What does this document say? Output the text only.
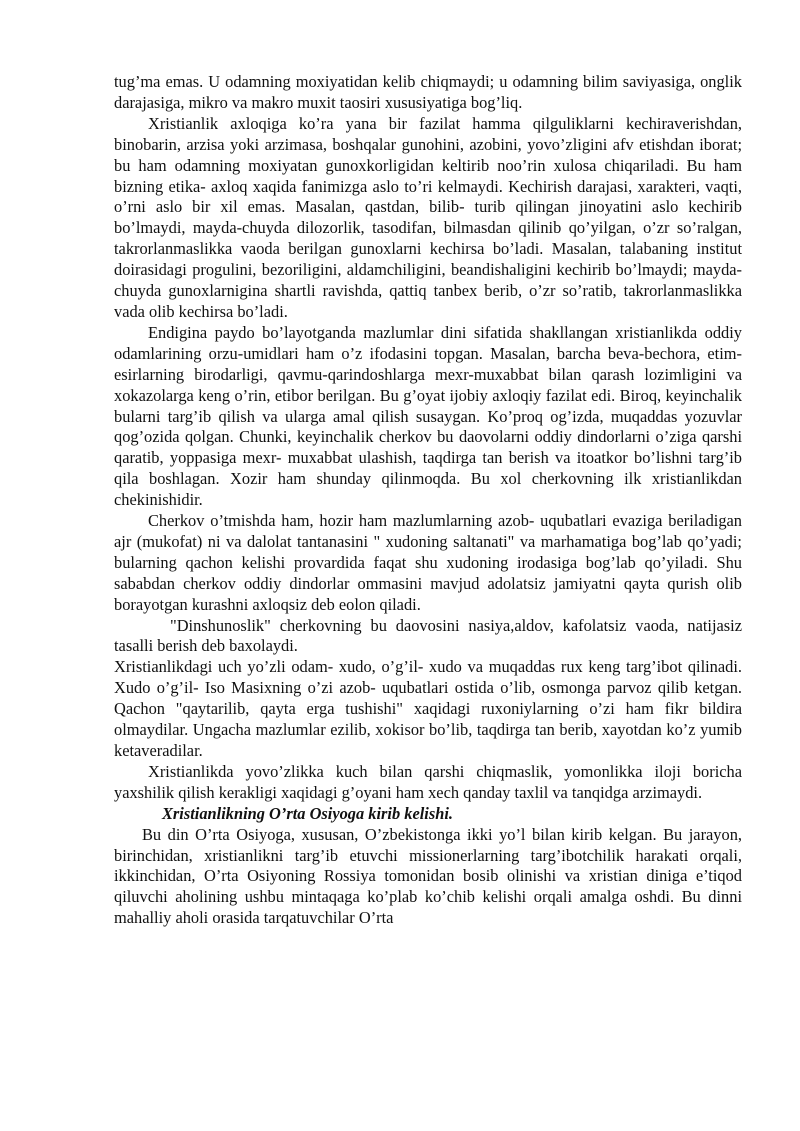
tug’ma emas. U odamning moxiyatidan kelib chiqmaydi; u odamning bilim saviyasiga, onglik darajasiga, mikro va makro muxit taosiri xususiyatiga bog’liq.

Xristianlik axloqiga ko’ra yana bir fazilat hamma qilguliklarni kechiraverishdan, binobarin, arzisa yoki arzimasa, boshqalar gunohini, azobini, yovo’zligini afv etishdan iborat; bu ham odamning moxiyatan gunoxkorligidan keltirib noo’rin xulosa chiqariladi. Bu ham bizning etika- axloq xaqida fanimizga aslo to’ri kelmaydi. Kechirish darajasi, xarakteri, vaqti, o’rni aslo bir xil emas. Masalan, qastdan, bilib- turib qilingan jinoyatini aslo kechirib bo’lmaydi, mayda-chuyda dilozorlik, tasodifan, bilmasdan qilinib qo’yilgan, o’zr so’ralgan, takrorlanmaslikka vaoda berilgan gunoxlarni kechirsa bo’ladi. Masalan, talabaning institut doirasidagi progulini, bezoriligini, aldamchiligini, beandishaligini kechirib bo’lmaydi; mayda-chuyda gunoxlarnigina shartli ravishda, qattiq tanbex berib, o’zr so’ratib, takrorlanmaslikka vada olib kechirsa bo’ladi.

Endigina paydo bo’layotganda mazlumlar dini sifatida shakllangan xristianlikda oddiy odamlarining orzu-umidlari ham o’z ifodasini topgan. Masalan, barcha beva-bechora, etim-esirlarning birodarligi, qavmu-qarindoshlarga mexr-muxabbat bilan qarash lozimligini va xokazolarga keng o’rin, etibor berilgan. Bu g’oyat ijobiy axloqiy fazilat edi. Biroq, keyinchalik bularni targ’ib qilish va ularga amal qilish susaygan. Ko’proq og’izda, muqaddas yozuvlar qog’ozida qolgan. Chunki, keyinchalik cherkov bu daovolarni oddiy dindorlarni o’ziga qarshi qaratib, yoppasiga mexr- muxabbat ulashish, taqdirga tan berish va itoatkor bo’lishni targ’ib qila boshlagan. Xozir ham shunday qilinmoqda. Bu xol cherkovning ilk xristianlikdan chekinishidir.

Cherkov o’tmishda ham, hozir ham mazlumlarning azob- uqubatlari evaziga beriladigan ajr (mukofat) ni va dalolat tantanasini " xudoning saltanati" va marhamatiga bog’lab qo’yadi; bularning qachon kelishi provardida faqat shu xudoning irodasiga bog’lab qo’yiladi. Shu sababdan cherkov oddiy dindorlar ommasini mavjud adolatsiz jamiyatni qayta qurish olib borayotgan kurashni axloqsiz deb eolon qiladi.

"Dinshunoslik" cherkovning bu daovosini nasiya,aldov, kafolatsiz vaoda, natijasiz tasalli berish deb baxolaydi.

Xristianlikdagi uch yo’zli odam- xudo, o’g’il- xudo va muqaddas rux keng targ’ibot qilinadi. Xudo o’g’il- Iso Masixning o’zi azob- uqubatlari ostida o’lib, osmonga parvoz qilib ketgan. Qachon "qaytarilib, qayta erga tushishi" xaqidagi ruxoniylarning o’zi ham fikr bildira olmaydilar. Ungacha mazlumlar ezilib, xokisor bo’lib, taqdirga tan berib, xayotdan ko’z yumib ketaveradilar.

Xristianlikda yovo’zlikka kuch bilan qarshi chiqmaslik, yomonlikka iloji boricha yaxshilik qilish kerakligi xaqidagi g’oyani ham xech qanday taxlil va tanqidga arzimaydi.

Xristianlikning O’rta Osiyoga kirib kelishi.

Bu din O’rta Osiyoga, xususan, O’zbekistonga ikki yo’l bilan kirib kelgan. Bu jarayon, birinchidan, xristianlikni targ’ib etuvchi missionerlarning targ’ibotchilik harakati orqali, ikkinchidan, O’rta Osiyoning Rossiya tomonidan bosib olinishi va xristian diniga e’tiqod qiluvchi aholining ushbu mintaqaga ko’plab ko’chib kelishi orqali amalga oshdi. Bu dinni mahalliy aholi orasida tarqatuvchilar O’rta
